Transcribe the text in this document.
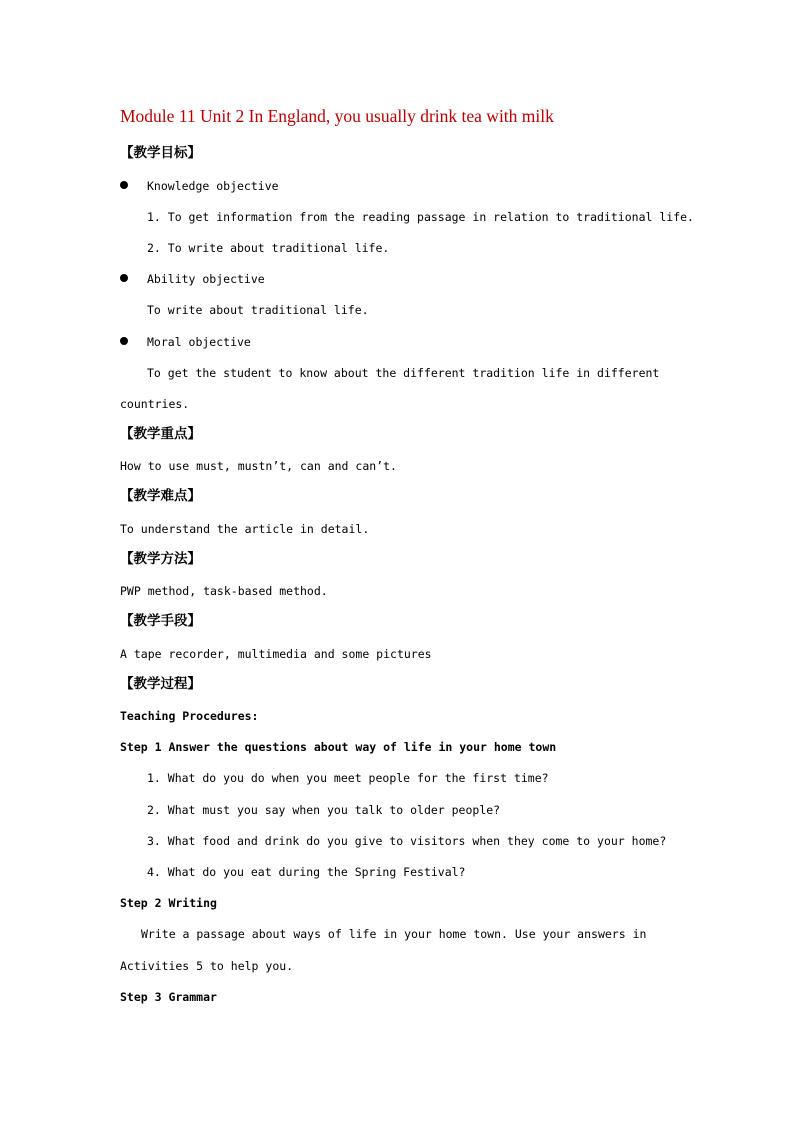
Module 11 Unit 2 In England, you usually drink tea with milk
【教学目标】
Knowledge objective
1. To get information from the reading passage in relation to traditional life.
2. To write about traditional life.
Ability objective
To write about traditional life.
Moral objective
To get the student to know about the different tradition life in different
countries.
【教学重点】
How to use must, mustn’t, can and can’t.
【教学难点】
To understand the article in detail.
【教学方法】
PWP method, task-based method.
【教学手段】
A tape recorder, multimedia and some pictures
【教学过程】
Teaching Procedures:
Step 1 Answer the questions about way of life in your home town
1. What do you do when you meet people for the first time?
2. What must you say when you talk to older people?
3. What food and drink do you give to visitors when they come to your home?
4. What do you eat during the Spring Festival?
Step 2 Writing
Write a passage about ways of life in your home town. Use your answers in
Activities 5 to help you.
Step 3 Grammar
